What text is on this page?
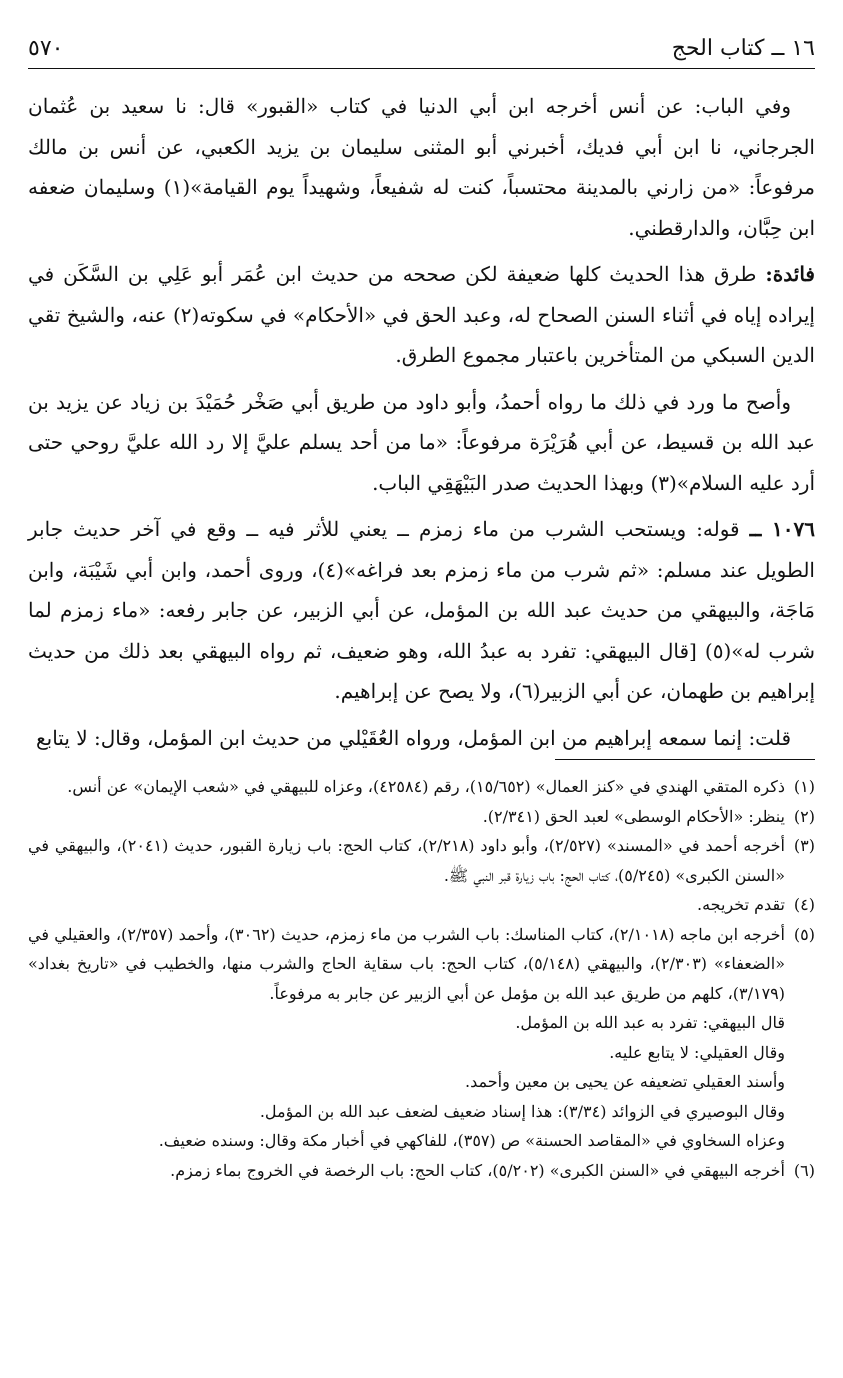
١٦ ــ كتاب الحج
٥٧٠

وفي الباب: عن أنس أخرجه ابن أبي الدنيا في كتاب «القبور» قال: نا سعيد بن عُثمان الجرجاني، نا ابن أبي فديك، أخبرني أبو المثنى سليمان بن يزيد الكعبي، عن أنس بن مالك مرفوعاً: «من زارني بالمدينة محتسباً، كنت له شفيعاً، وشهيداً يوم القيامة»(١) وسليمان ضعفه ابن حِبَّان، والدارقطني.

فائدة: طرق هذا الحديث كلها ضعيفة لكن صححه من حديث ابن عُمَر أبو عَلِي بن السَّكَن في إيراده إياه في أثناء السنن الصحاح له، وعبد الحق في «الأحكام» في سكوته(٢) عنه، والشيخ تقي الدين السبكي من المتأخرين باعتبار مجموع الطرق.

وأصح ما ورد في ذلك ما رواه أحمدُ، وأبو داود من طريق أبي صَخْر حُمَيْدَ بن زياد عن يزيد بن عبد الله بن قسيط، عن أبي هُرَيْرَة مرفوعاً: «ما من أحد يسلم عليَّ إلا رد الله عليَّ روحي حتى أرد عليه السلام»(٣) وبهذا الحديث صدر البَيْهَقِي الباب.

١٠٧٦ ــ قوله: ويستحب الشرب من ماء زمزم ــ يعني للأثر فيه ــ وقع في آخر حديث جابر الطويل عند مسلم: «ثم شرب من ماء زمزم بعد فراغه»(٤)، وروى أحمد، وابن أبي شَيْبَة، وابن مَاجَة، والبيهقي من حديث عبد الله بن المؤمل، عن أبي الزبير، عن جابر رفعه: «ماء زمزم لما شرب له»(٥) [قال البيهقي: تفرد به عبدُ الله، وهو ضعيف، ثم رواه البيهقي بعد ذلك من حديث إبراهيم بن طهمان، عن أبي الزبير(٦)، ولا يصح عن إبراهيم.

قلت: إنما سمعه إبراهيم من ابن المؤمل، ورواه العُقَيْلي من حديث ابن المؤمل، وقال: لا يتابع

(١)
ذكره المتقي الهندي في «كنز العمال» (١٥/٦٥٢)، رقم (٤٢٥٨٤)، وعزاه للبيهقي في «شعب الإيمان» عن أنس.
(٢)
ينظر: «الأحكام الوسطى» لعبد الحق (٢/٣٤١).
(٣)
أخرجه أحمد في «المسند» (٢/٥٢٧)، وأبو داود (٢/٢١٨)، كتاب الحج: باب زيارة القبور، حديث (٢٠٤١)، والبيهقي في «السنن الكبرى» (٥/٢٤٥)، كتاب الحج: باب زيارة قبر النبي ﷺ.
(٤)
تقدم تخريجه.
(٥)
أخرجه ابن ماجه (٢/١٠١٨)، كتاب المناسك: باب الشرب من ماء زمزم، حديث (٣٠٦٢)، وأحمد (٢/٣٥٧)، والعقيلي في «الضعفاء» (٢/٣٠٣)، والبيهقي (٥/١٤٨)، كتاب الحج: باب سقاية الحاج والشرب منها، والخطيب في «تاريخ بغداد» (٣/١٧٩)، كلهم من طريق عبد الله بن مؤمل عن أبي الزبير عن جابر به مرفوعاً.
قال البيهقي: تفرد به عبد الله بن المؤمل.
وقال العقيلي: لا يتابع عليه.
وأسند العقيلي تضعيفه عن يحيى بن معين وأحمد.
وقال البوصيري في الزوائد (٣/٣٤): هذا إسناد ضعيف لضعف عبد الله بن المؤمل.
وعزاه السخاوي في «المقاصد الحسنة» ص (٣٥٧)، للفاكهي في أخبار مكة وقال: وسنده ضعيف.
(٦)
أخرجه البيهقي في «السنن الكبرى» (٥/٢٠٢)، كتاب الحج: باب الرخصة في الخروج بماء زمزم.
